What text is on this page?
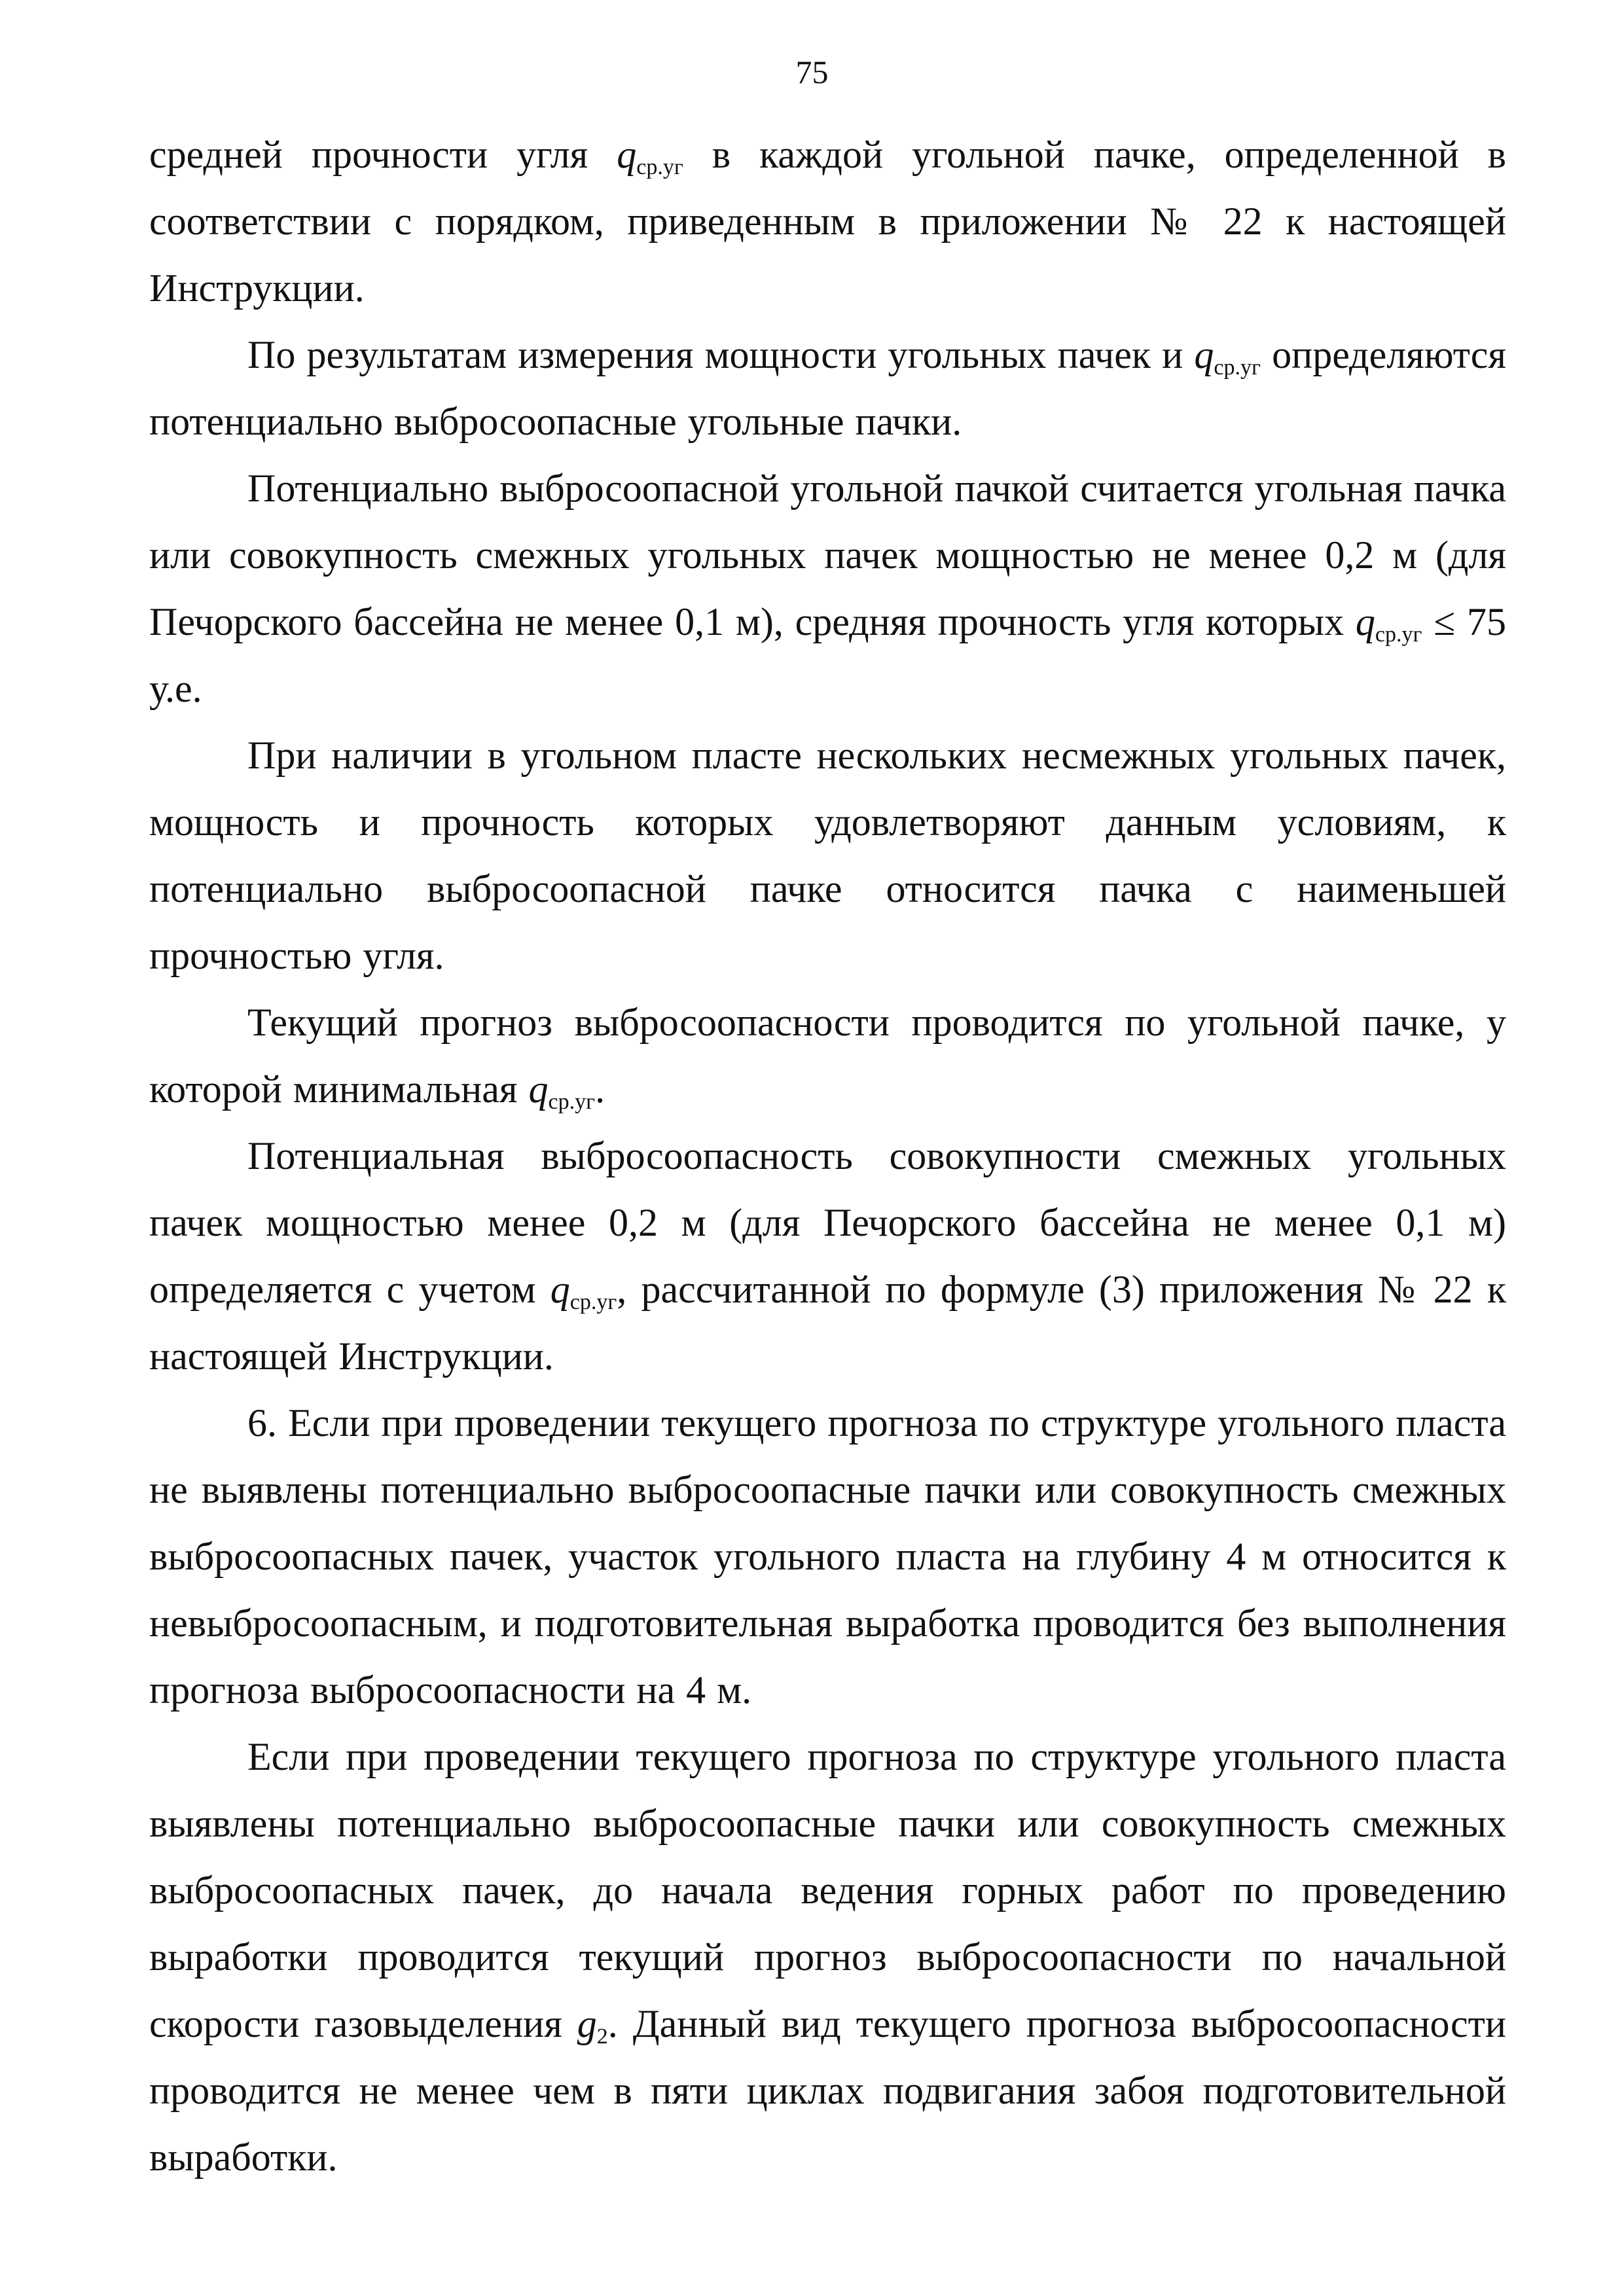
75

средней прочности угля $q_{ср.уг}$ в каждой угольной пачке, определенной в соответствии с порядком, приведенным в приложении № 22 к настоящей Инструкции.

По результатам измерения мощности угольных пачек и $q_{ср.уг}$ определяются потенциально выбросоопасные угольные пачки.

Потенциально выбросоопасной угольной пачкой считается угольная пачка или совокупность смежных угольных пачек мощностью не менее 0,2 м (для Печорского бассейна не менее 0,1 м), средняя прочность угля которых $q_{ср.уг} \le 75$ у.е.

При наличии в угольном пласте нескольких несмежных угольных пачек, мощность и прочность которых удовлетворяют данным условиям, к потенциально выбросоопасной пачке относится пачка с наименьшей прочностью угля.

Текущий прогноз выбросоопасности проводится по угольной пачке, у которой минимальная $q_{ср.уг}$.

Потенциальная выбросоопасность совокупности смежных угольных пачек мощностью менее 0,2 м (для Печорского бассейна не менее 0,1 м) определяется с учетом $q_{ср.уг}$, рассчитанной по формуле (3) приложения № 22 к настоящей Инструкции.

6. Если при проведении текущего прогноза по структуре угольного пласта не выявлены потенциально выбросоопасные пачки или совокупность смежных выбросоопасных пачек, участок угольного пласта на глубину 4 м относится к невыбросоопасным, и подготовительная выработка проводится без выполнения прогноза выбросоопасности на 4 м.

Если при проведении текущего прогноза по структуре угольного пласта выявлены потенциально выбросоопасные пачки или совокупность смежных выбросоопасных пачек, до начала ведения горных работ по проведению выработки проводится текущий прогноз выбросоопасности по начальной скорости газовыделения $g_2$. Данный вид текущего прогноза выбросоопасности проводится не менее чем в пяти циклах подвигания забоя подготовительной выработки.
